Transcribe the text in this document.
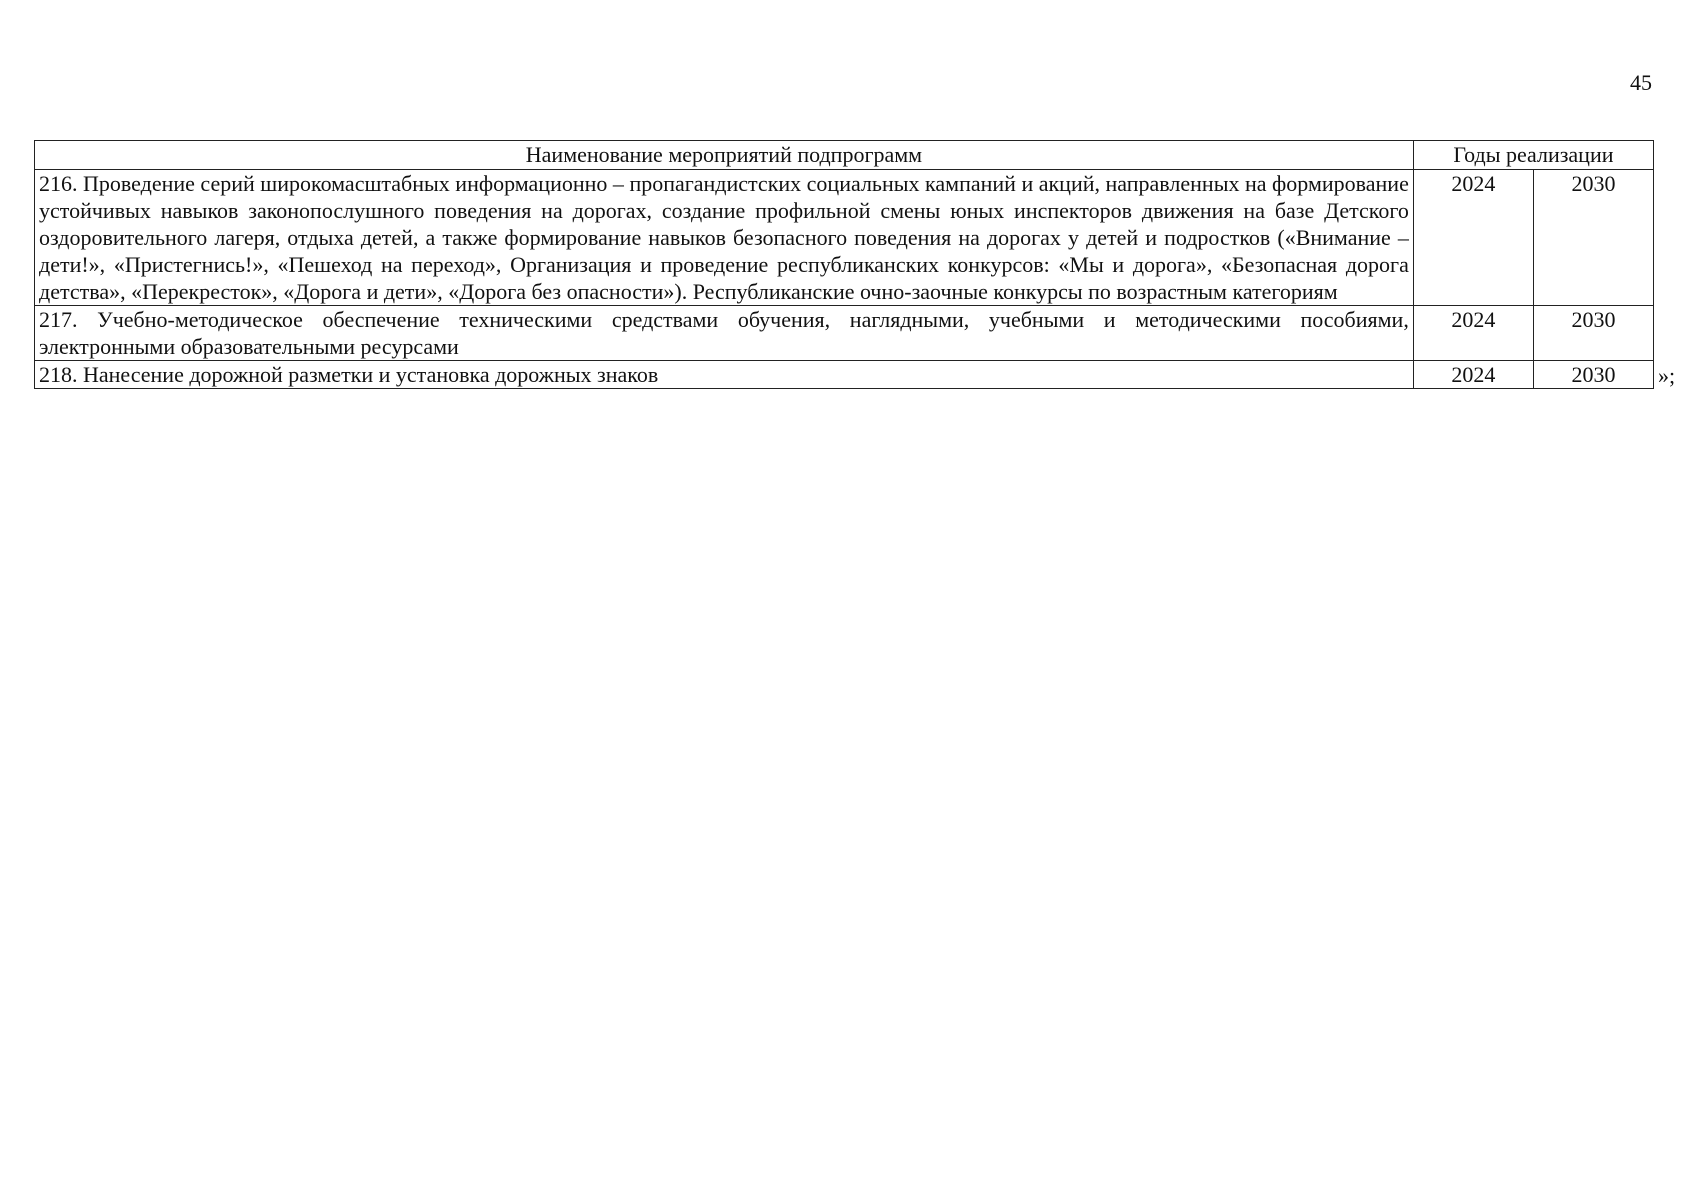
45
Наименование мероприятий подпрограмм	Годы реализации	
216. Проведение серий широкомасштабных информационно – пропагандистских социальных кампаний и акций, направленных на формирование устойчивых навыков законопослушного поведения на дорогах, создание профильной смены юных инспекторов движения на базе Детского оздоровительного лагеря, отдыха детей, а также формирование навыков безопасного поведения на дорогах у детей и подростков («Внимание – дети!», «Пристегнись!», «Пешеход на переход», Организация и проведение республиканских конкурсов: «Мы и дорога», «Безопасная дорога детства», «Перекресток», «Дорога и дети», «Дорога без опасности»). Республиканские очно-заочные конкурсы по возрастным категориям	2024	2030
217. Учебно-методическое обеспечение техническими средствами обучения, наглядными, учебными и методическими пособиями, электронными образовательными ресурсами	2024	2030
218. Нанесение дорожной разметки и установка дорожных знаков	2024	2030 »;
